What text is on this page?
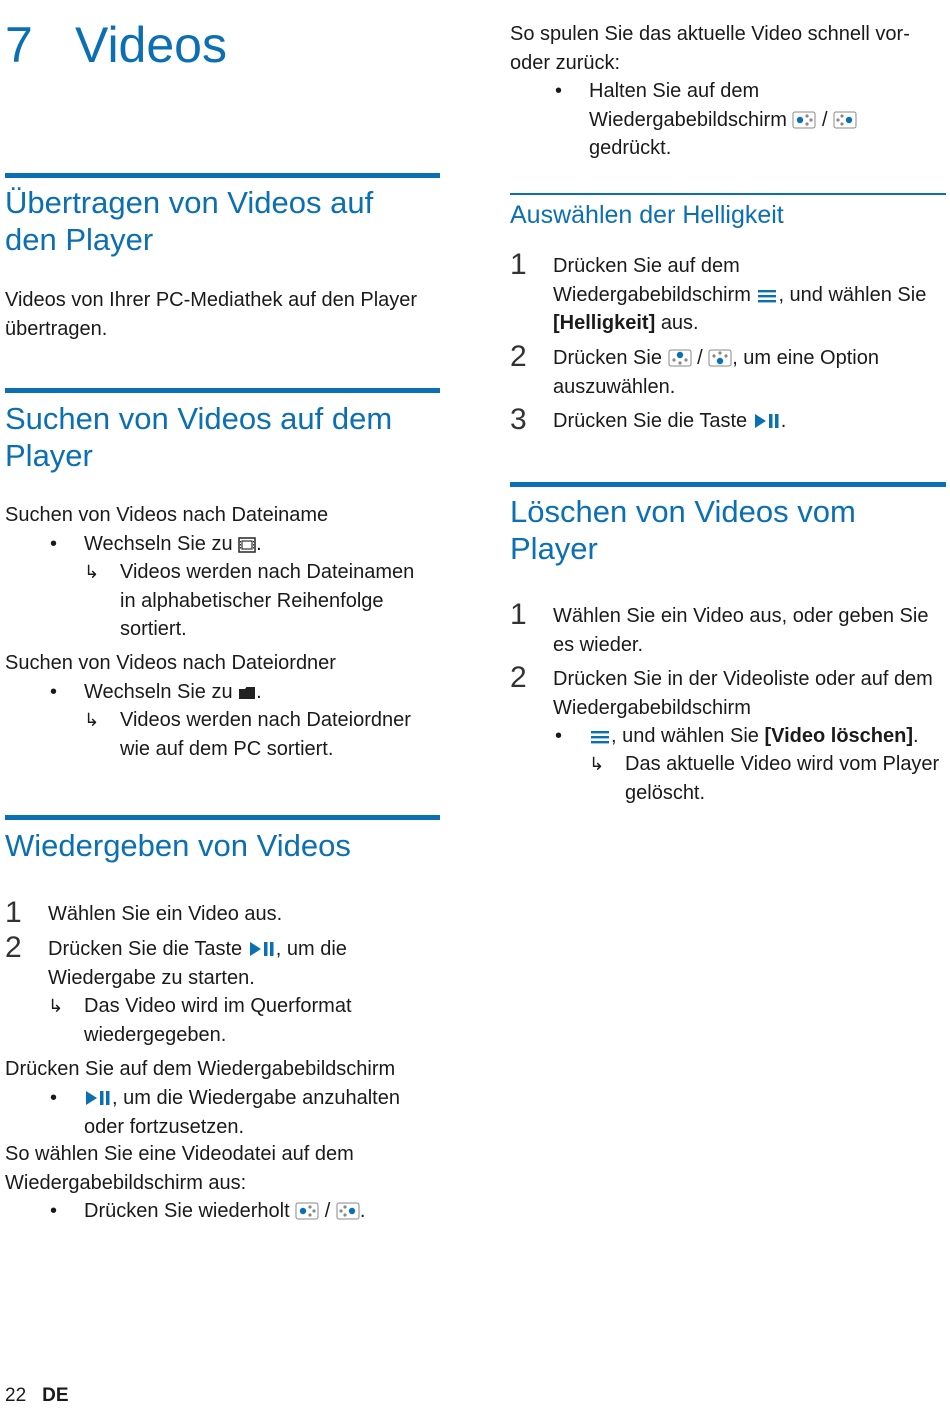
7 Videos
Übertragen von Videos auf den Player

Videos von Ihrer PC-Mediathek auf den Player übertragen.

Suchen von Videos auf dem Player

Suchen von Videos nach Dateiname

• Wechseln Sie zu .
↳ Videos werden nach Dateinamen in alphabetischer Reihenfolge sortiert.

Suchen von Videos nach Dateiordner

• Wechseln Sie zu .
↳ Videos werden nach Dateiordner wie auf dem PC sortiert.
Wiedergeben von Videos
1 Wählen Sie ein Video aus.
2 Drücken Sie die Taste , um die Wiedergabe zu starten.
↳ Das Video wird im Querformat wiedergegeben.

Drücken Sie auf dem Wiedergabebildschirm

•	, um die Wiedergabe anzuhalten oder fortzusetzen.

So wählen Sie eine Videodatei auf dem Wiedergabebildschirm aus:

• Drücken Sie wiederholt / .

So spulen Sie das aktuelle Video schnell vor- oder zurück:

• Halten Sie auf dem Wiedergabebildschirm /  gedrückt.
Auswählen der Helligkeit
1 Drücken Sie auf dem Wiedergabebildschirm , und wählen Sie [Helligkeit] aus.
2 Drücken Sie / , um eine Option auszuwählen.
3 Drücken Sie die Taste .
Löschen von Videos vom Player
1 Wählen Sie ein Video aus, oder geben Sie es wieder.
2 Drücken Sie in der Videoliste oder auf dem Wiedergabebildschirm
•	, und wählen Sie [Video löschen].
↳ Das aktuelle Video wird vom Player gelöscht.
22 DE
